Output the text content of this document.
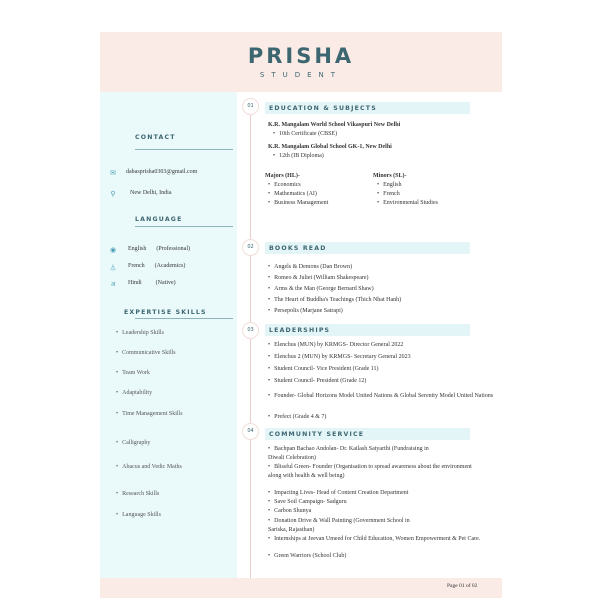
PRISHA
STUDENT
CONTACT
✉	dabasprisha0303@gmail.com
⚲	New Delhi, India
LANGUAGE
◉
⏃
अ
English (Professional)
French (Academics)
Hindi (Native)
EXPERTISE SKILLS
• Leadership Skills
• Communicative Skills
• Team Work
• Adaptability
• Time Management Skills
• Calligraphy
• Abacus and Vedic Maths
• Research Skills
• Language Skills
01
02
03
04
EDUCATION & SUBJECTS
K.R. Mangalam World School Vikaspuri New Delhi
• 10th Certificate (CBSE)
K.R. Mangalam Global School GK-1, New Delhi
• 12th (IB Diploma)
Majors (HL)-
• Economics
• Mathematics (AI)
• Business Management
Minors (SL)-
• English
• French
• Environmental Studies
BOOKS READ
• Angels & Demons (Dan Brown)
• Romeo & Juliet (William Shakespeare)
• Arms & the Man (George Bernard Shaw)
• The Heart of Buddha's Teachings (Thich Nhat Hanh)
• Persepolis (Marjane Satrapi)
LEADERSHIPS
• Elenchus (MUN) by KRMGS- Director General 2022
• Elenchus 2 (MUN) by KRMGS- Secretary General 2023
• Student Council- Vice President (Grade 11)
• Student Council- President (Grade 12)
• Founder- Global Horizons Model United Nations & Global Serenity Model United Nations
• Prefect (Grade 4 & 7)
COMMUNITY SERVICE
• Bachpan Bachao Andolan- Dr. Kailash Satyarthi (Fundraising in Diwali Celebration)
• Blissful Green- Founder (Organisation to spread awareness about the environment along with health & well being)
• Impacting Lives- Head of Content Creation Department
• Save Soil Campaign- Sadguru
• Carbon Shunya
• Donation Drive & Wall Painting (Government School in Sariska, Rajasthan)
• Internships at Jeevan Umeed for Child Education, Women Empowerment & Pet Care.
• Green Warriors (School Club)
Page 01 of 02
